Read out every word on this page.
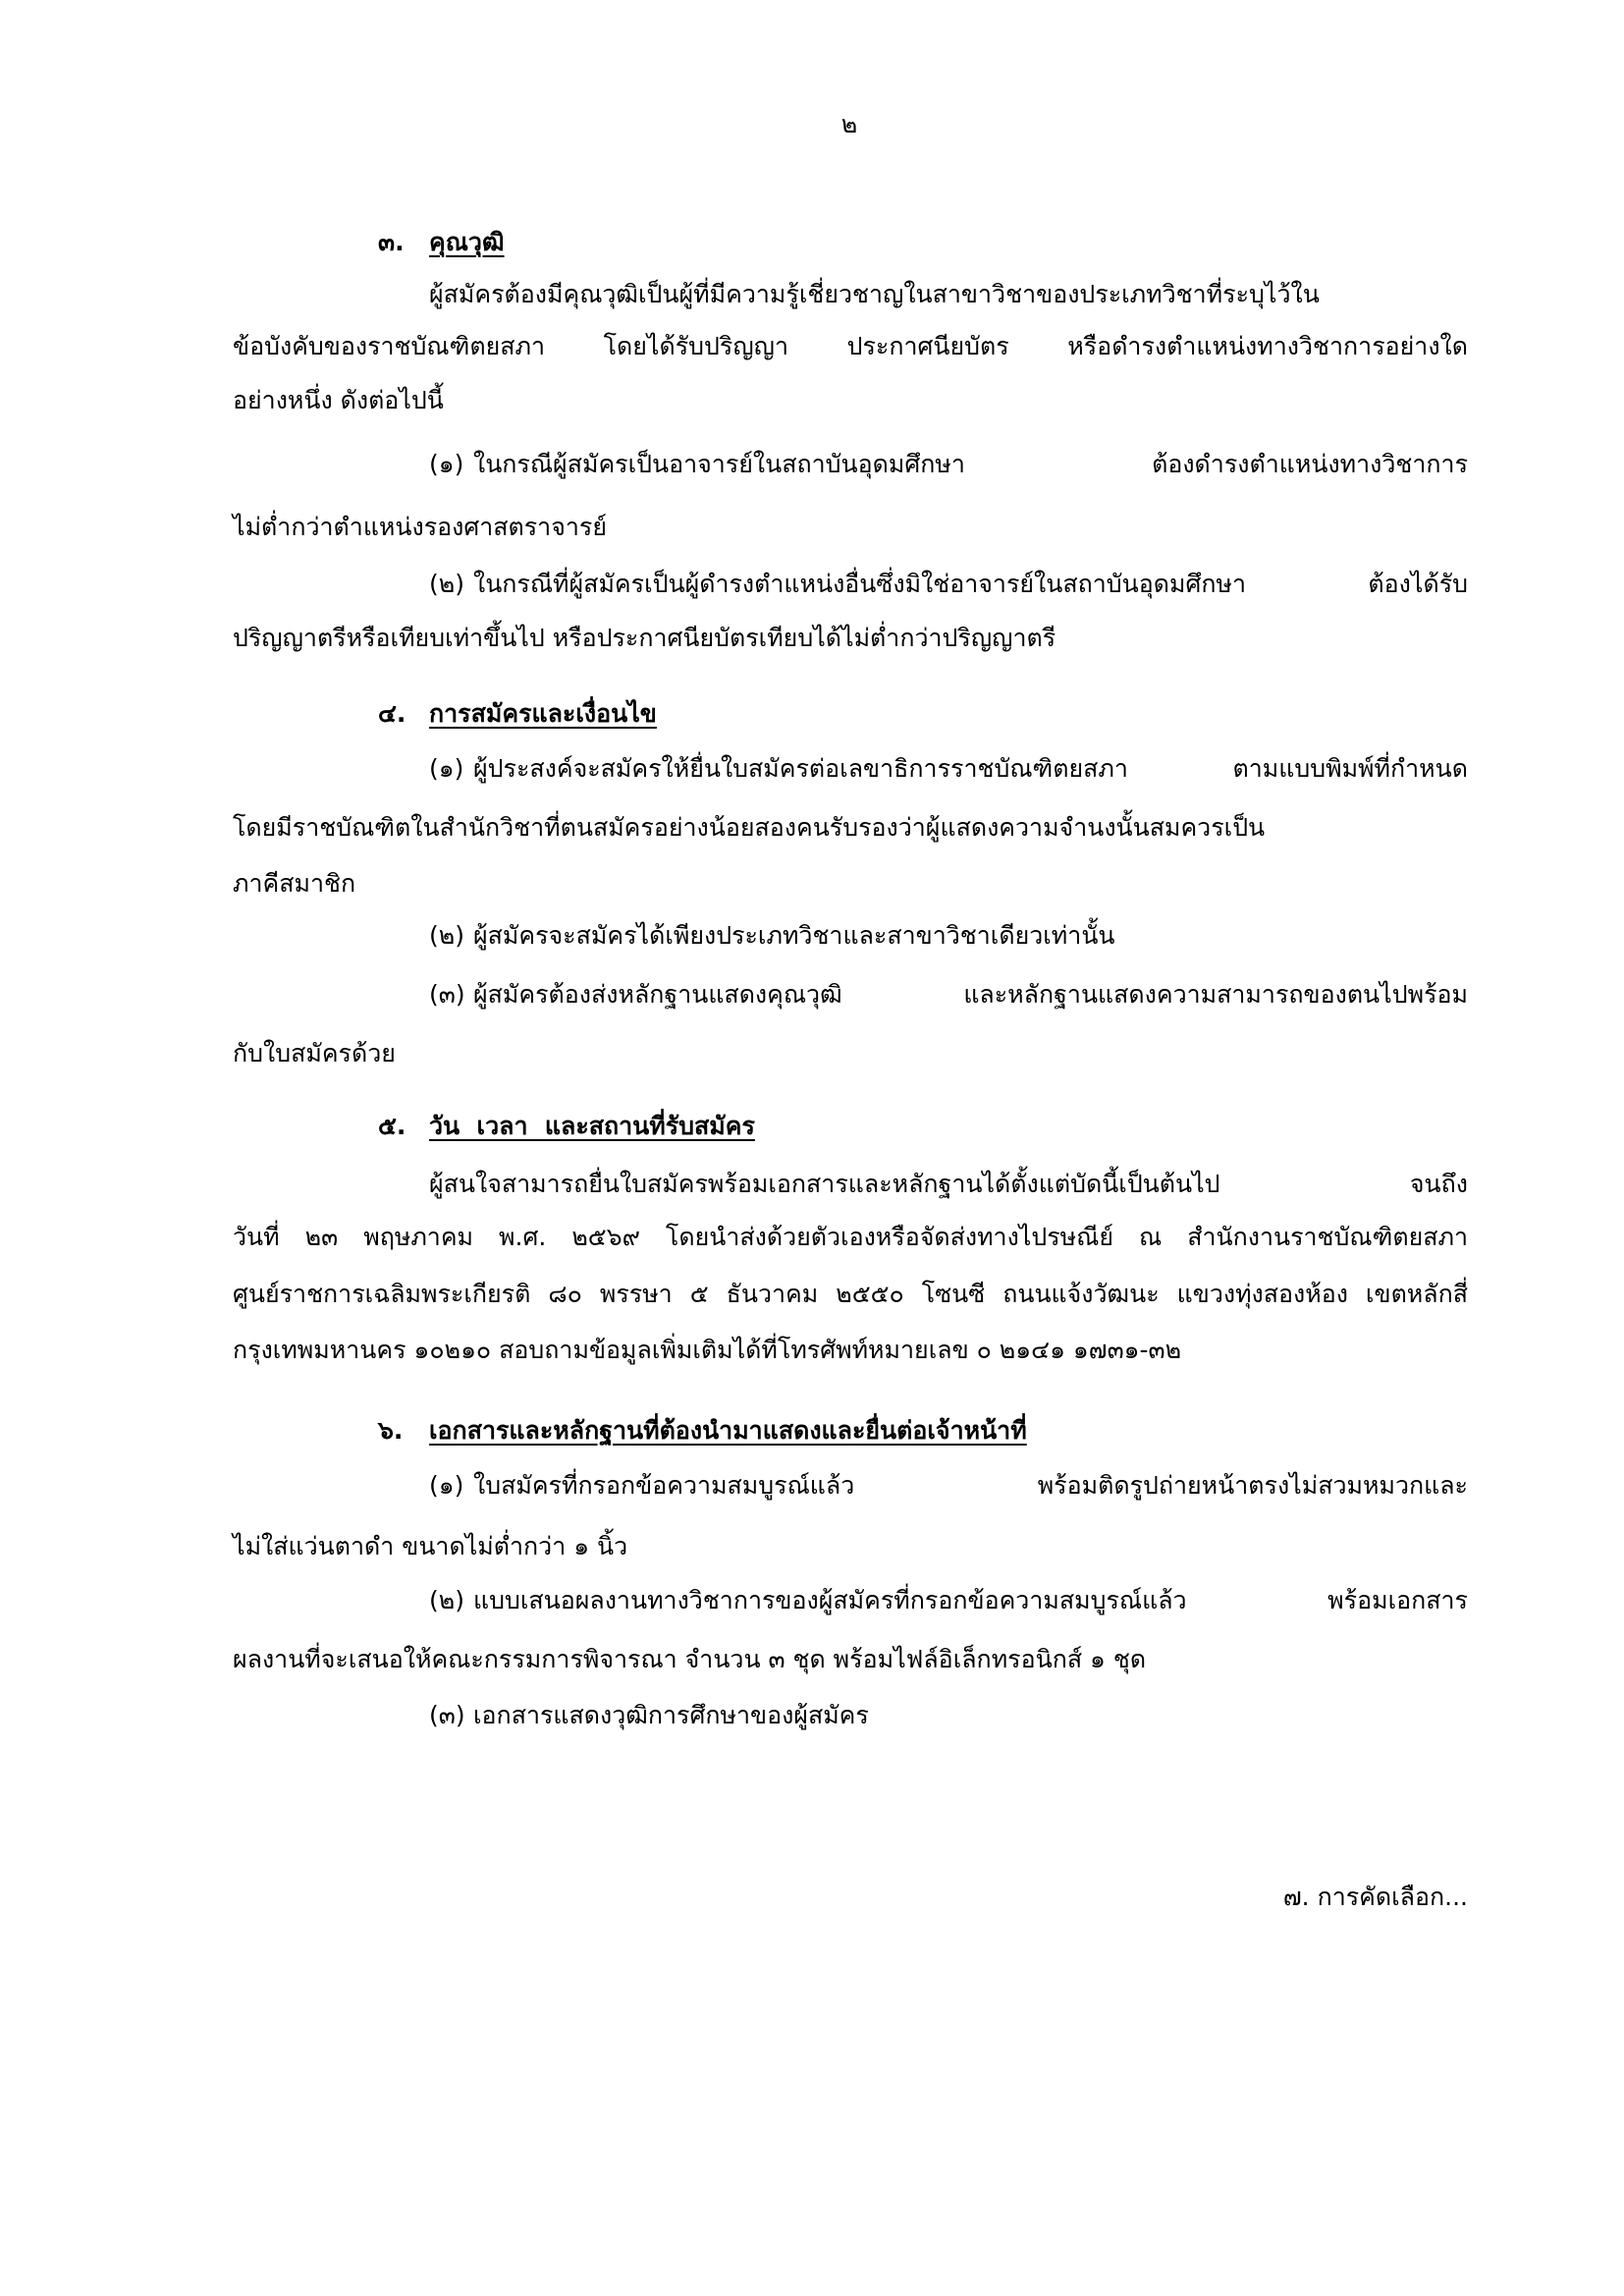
๒
๓. คุณวุฒิ
ผู้สมัครต้องมีคุณวุฒิเป็นผู้ที่มีความรู้เชี่ยวชาญในสาขาวิชาของประเภทวิชาที่ระบุไว้ใน
ข้อบังคับของราชบัณฑิตยสภา โดยได้รับปริญญา ประกาศนียบัตร หรือดำรงตำแหน่งทางวิชาการอย่างใด
อย่างหนึ่ง ดังต่อไปนี้
(๑) ในกรณีผู้สมัครเป็นอาจารย์ในสถาบันอุดมศึกษา ต้องดำรงตำแหน่งทางวิชาการ
ไม่ต่ำกว่าตำแหน่งรองศาสตราจารย์
(๒) ในกรณีที่ผู้สมัครเป็นผู้ดำรงตำแหน่งอื่นซึ่งมิใช่อาจารย์ในสถาบันอุดมศึกษา ต้องได้รับ
ปริญญาตรีหรือเทียบเท่าขึ้นไป หรือประกาศนียบัตรเทียบได้ไม่ต่ำกว่าปริญญาตรี
๔. การสมัครและเงื่อนไข
(๑) ผู้ประสงค์จะสมัครให้ยื่นใบสมัครต่อเลขาธิการราชบัณฑิตยสภา ตามแบบพิมพ์ที่กำหนด
โดยมีราชบัณฑิตในสำนักวิชาที่ตนสมัครอย่างน้อยสองคนรับรองว่าผู้แสดงความจำนงนั้นสมควรเป็น
ภาคีสมาชิก
(๒) ผู้สมัครจะสมัครได้เพียงประเภทวิชาและสาขาวิชาเดียวเท่านั้น
(๓) ผู้สมัครต้องส่งหลักฐานแสดงคุณวุฒิ และหลักฐานแสดงความสามารถของตนไปพร้อม
กับใบสมัครด้วย
๕. วัน  เวลา  และสถานที่รับสมัคร
ผู้สนใจสามารถยื่นใบสมัครพร้อมเอกสารและหลักฐานได้ตั้งแต่บัดนี้เป็นต้นไป จนถึง
วันที่ ๒๓ พฤษภาคม พ.ศ. ๒๕๖๙ โดยนำส่งด้วยตัวเองหรือจัดส่งทางไปรษณีย์ ณ สำนักงานราชบัณฑิตยสภา
ศูนย์ราชการเฉลิมพระเกียรติ ๘๐ พรรษา ๕ ธันวาคม ๒๕๕๐ โซนซี ถนนแจ้งวัฒนะ แขวงทุ่งสองห้อง เขตหลักสี่
กรุงเทพมหานคร ๑๐๒๑๐ สอบถามข้อมูลเพิ่มเติมได้ที่โทรศัพท์หมายเลข ๐ ๒๑๔๑ ๑๗๓๑-๓๒
๖. เอกสารและหลักฐานที่ต้องนำมาแสดงและยื่นต่อเจ้าหน้าที่
(๑) ใบสมัครที่กรอกข้อความสมบูรณ์แล้ว พร้อมติดรูปถ่ายหน้าตรงไม่สวมหมวกและ
ไม่ใส่แว่นตาดำ ขนาดไม่ต่ำกว่า ๑ นิ้ว
(๒) แบบเสนอผลงานทางวิชาการของผู้สมัครที่กรอกข้อความสมบูรณ์แล้ว พร้อมเอกสาร
ผลงานที่จะเสนอให้คณะกรรมการพิจารณา จำนวน ๓ ชุด พร้อมไฟล์อิเล็กทรอนิกส์ ๑ ชุด
(๓) เอกสารแสดงวุฒิการศึกษาของผู้สมัคร
๗. การคัดเลือก...
